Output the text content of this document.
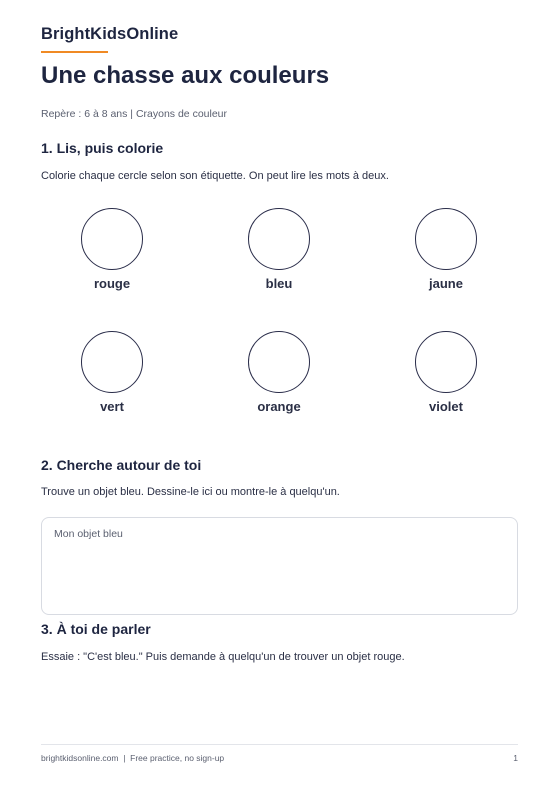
BrightKidsOnline
Une chasse aux couleurs
Repère : 6 à 8 ans | Crayons de couleur
1. Lis, puis colorie
Colorie chaque cercle selon son étiquette. On peut lire les mots à deux.
rouge	bleu	jaune
vert	orange	violet
2. Cherche autour de toi
Trouve un objet bleu. Dessine-le ici ou montre-le à quelqu'un.
Mon objet bleu
3. À toi de parler
Essaie : "C'est bleu." Puis demande à quelqu'un de trouver un objet rouge.
brightkidsonline.com  |  Free practice, no sign-up	1
